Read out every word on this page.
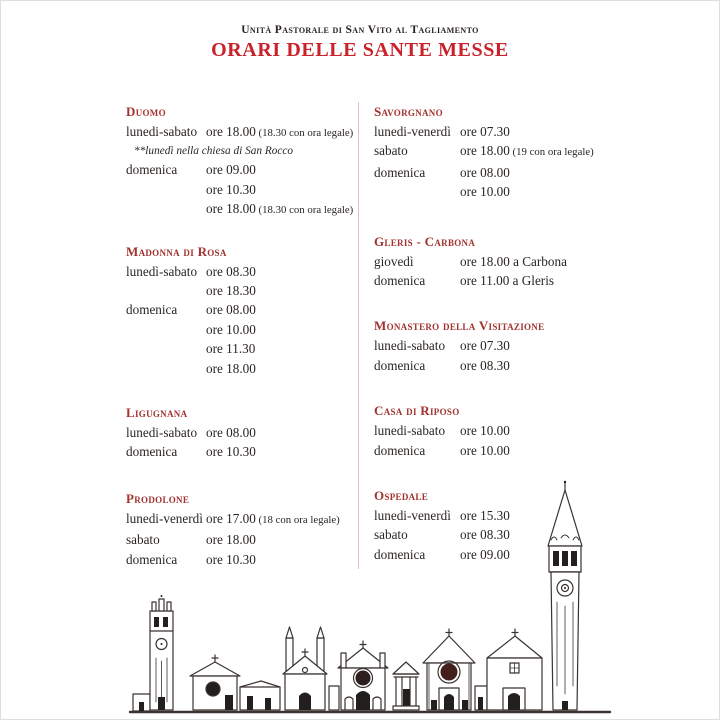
Unità Pastorale di San Vito al Tagliamento
ORARI DELLE SANTE MESSE
Duomo
lunedi-sabato ore 18.00 (18.30 con ora legale)
**lunedì nella chiesa di San Rocco
domenica	ore 09.00
ore 10.30
ore 18.00 (18.30 con ora legale)
Madonna di Rosa
lunedì-sabato ore 08.30
ore 18.30
domenica	ore 08.00
ore 10.00
ore 11.30
ore 18.00
Ligugnana
lunedi-sabato ore 08.00
domenica	ore 10.30
Prodolone
lunedi-venerdì ore 17.00 (18 con ora legale)
sabato	ore 18.00
domenica	ore 10.30
Savorgnano
lunedi-venerdì ore 07.30
sabato	ore 18.00 (19 con ora legale)
domenica	ore 08.00
ore 10.00
Gleris - Carbona
giovedì	ore 18.00 a Carbona
domenica	ore 11.00 a Gleris
Monastero della Visitazione
lunedi-sabato	ore 07.30
domenica	ore 08.30
Casa di Riposo
lunedi-sabato	ore 10.00
domenica	ore 10.00
Ospedale
lunedi-venerdì ore 15.30
sabato	ore 08.30
domenica	ore 09.00
